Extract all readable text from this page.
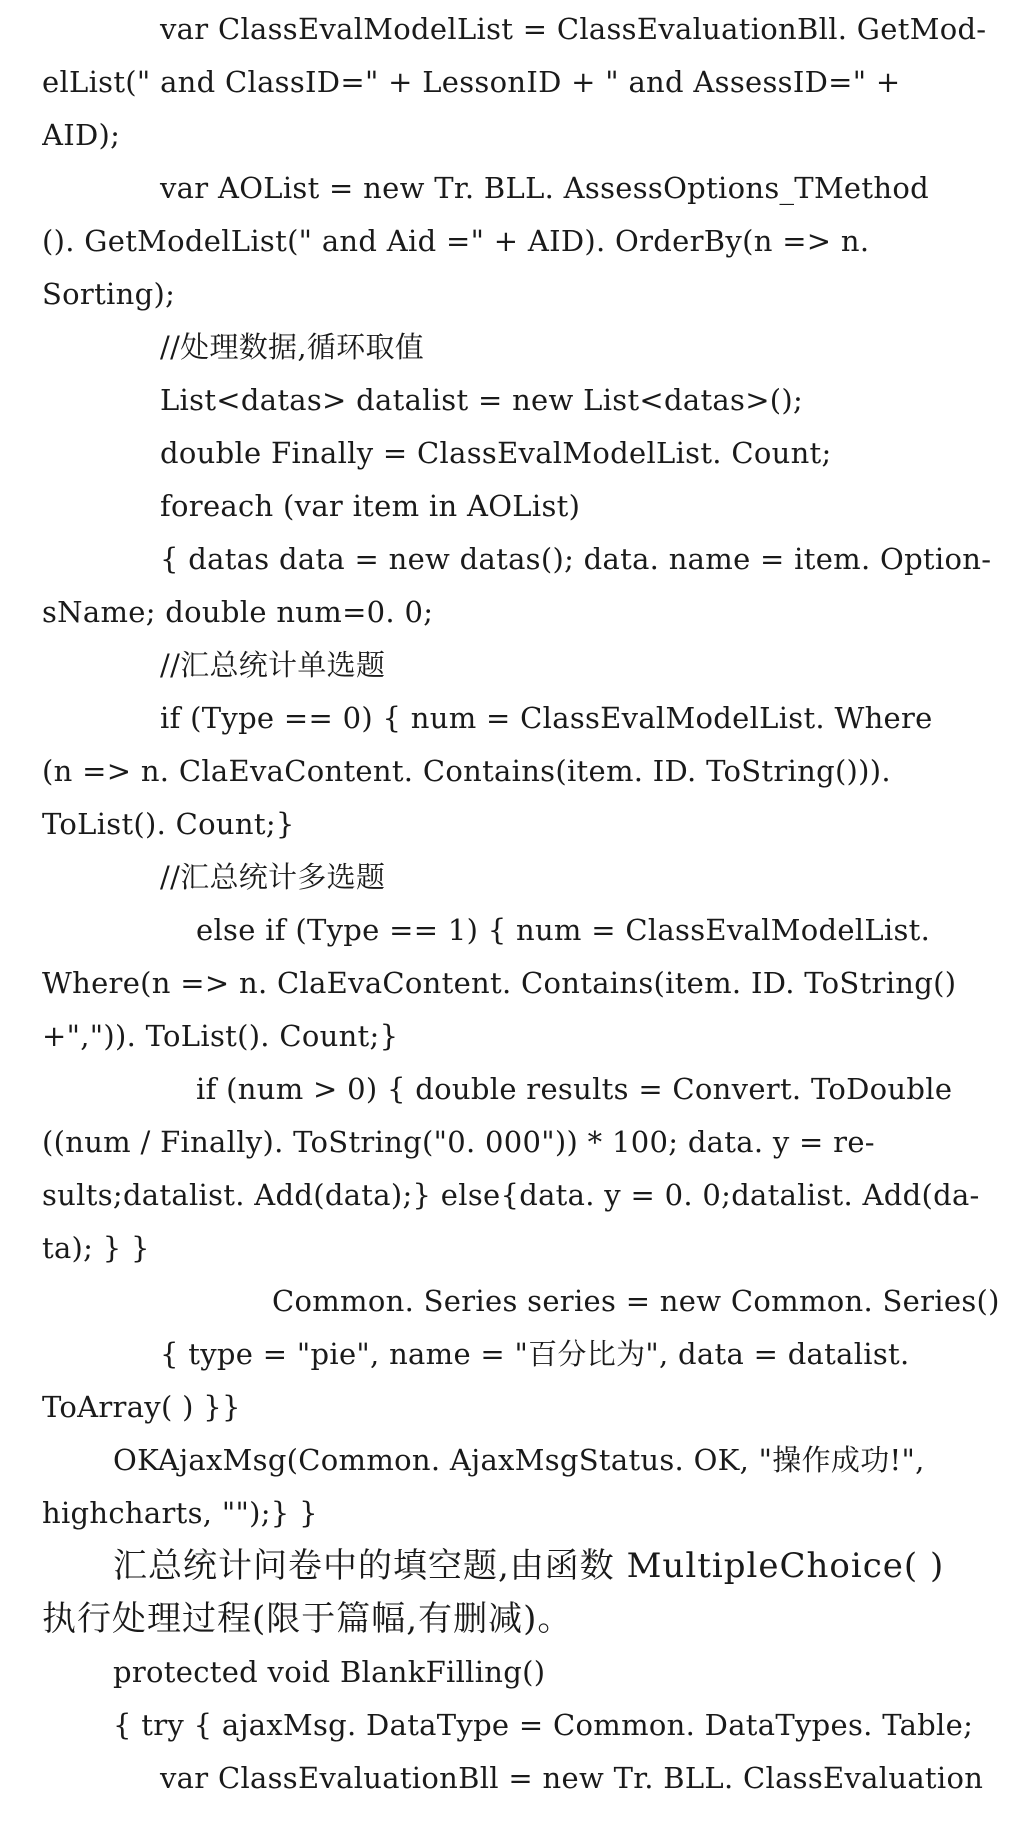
var ClassEvalModelList = ClassEvaluationBll. GetMod-
elList(" and ClassID=" + LessonID + " and AssessID=" +
AID);
var AOList = new Tr. BLL. AssessOptions_TMethod
(). GetModelList(" and Aid =" + AID). OrderBy(n => n.
Sorting);
//处理数据,循环取值
List<datas> datalist = new List<datas>();
double Finally = ClassEvalModelList. Count;
foreach (var item in AOList)
{ datas data = new datas(); data. name = item. Option-
sName; double num=0. 0;
//汇总统计单选题
if (Type == 0) { num = ClassEvalModelList. Where
(n => n. ClaEvaContent. Contains(item. ID. ToString())).
ToList(). Count;}
//汇总统计多选题
else if (Type == 1) { num = ClassEvalModelList.
Where(n => n. ClaEvaContent. Contains(item. ID. ToString()
+",")). ToList(). Count;}
if (num > 0) { double results = Convert. ToDouble
((num / Finally). ToString("0. 000")) * 100; data. y = re-
sults;datalist. Add(data);} else{data. y = 0. 0;datalist. Add(da-
ta); } }
Common. Series series = new Common. Series()
{ type = "pie", name = "百分比为", data = datalist.
ToArray( ) }}
OKAjaxMsg(Common. AjaxMsgStatus. OK, "操作成功!",
highcharts, "");} }
汇总统计问卷中的填空题,由函数 MultipleChoice( )
执行处理过程(限于篇幅,有删减)。
protected void BlankFilling()
{ try { ajaxMsg. DataType = Common. DataTypes. Table;
var ClassEvaluationBll = new Tr. BLL. ClassEvaluation
